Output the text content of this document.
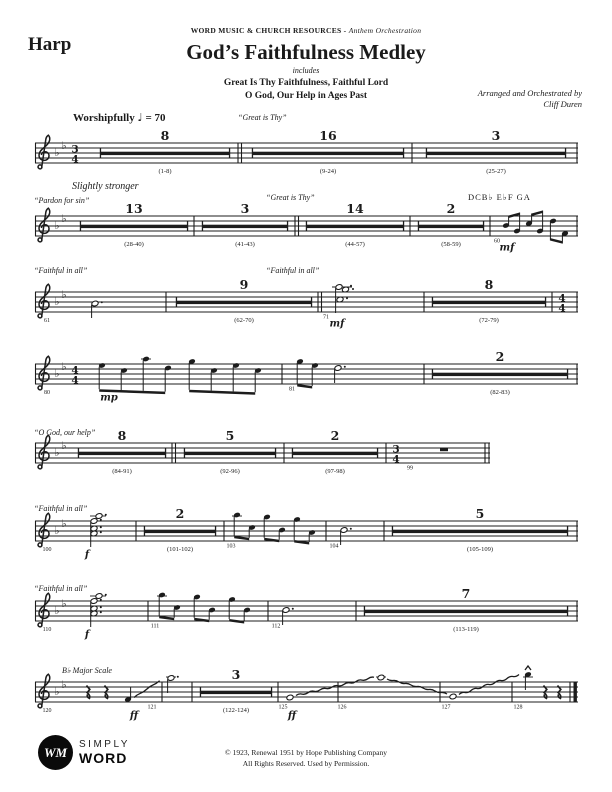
WORD MUSIC & CHURCH RESOURCES - Anthem Orchestration
Harp	God’s Faithfulness Medley
includes
Great Is Thy Faithfulness, Faithful Lord
O God, Our Help in Ages Past	Arranged and Orchestrated by
Cliff Duren
Worshipfully ♩ = 70	“Great is Thy”
Slightly stronger
“Pardon for sin”	“Great is Thy”	DCB♭ E♭F GA
“Faithful in all”	“Faithful in all”
“O God, our help”
“Faithful in all”
“Faithful in all”
B♭ Major Scale
♭
♭ 3
4
8
(1-8)
16
(9-24)
3
(25-27)
♭
♭
13
(28-40)
3
(41-43)
14
(44-57)
2
(58-59)	60
mf
♭
♭
61
9
(62-70)	71
mf
8
(72-79)
4
4
♭
♭ 4
4
80	mp
81
2
(82-83)
♭
♭
8
(84-91)
5
(92-96)
2
(97-98)
3
4
99
♭
♭
100	f
2
(101-102)	103	104
5
(105-109)
♭
♭
110	f
111	112
7
(113-119)
♭
♭
120	ff
121
3
(122-124)	125
ff
126	127	128
WM
SIMPLY
WORD	© 1923, Renewal 1951 by Hope Publishing Company
All Rights Reserved. Used by Permission.
